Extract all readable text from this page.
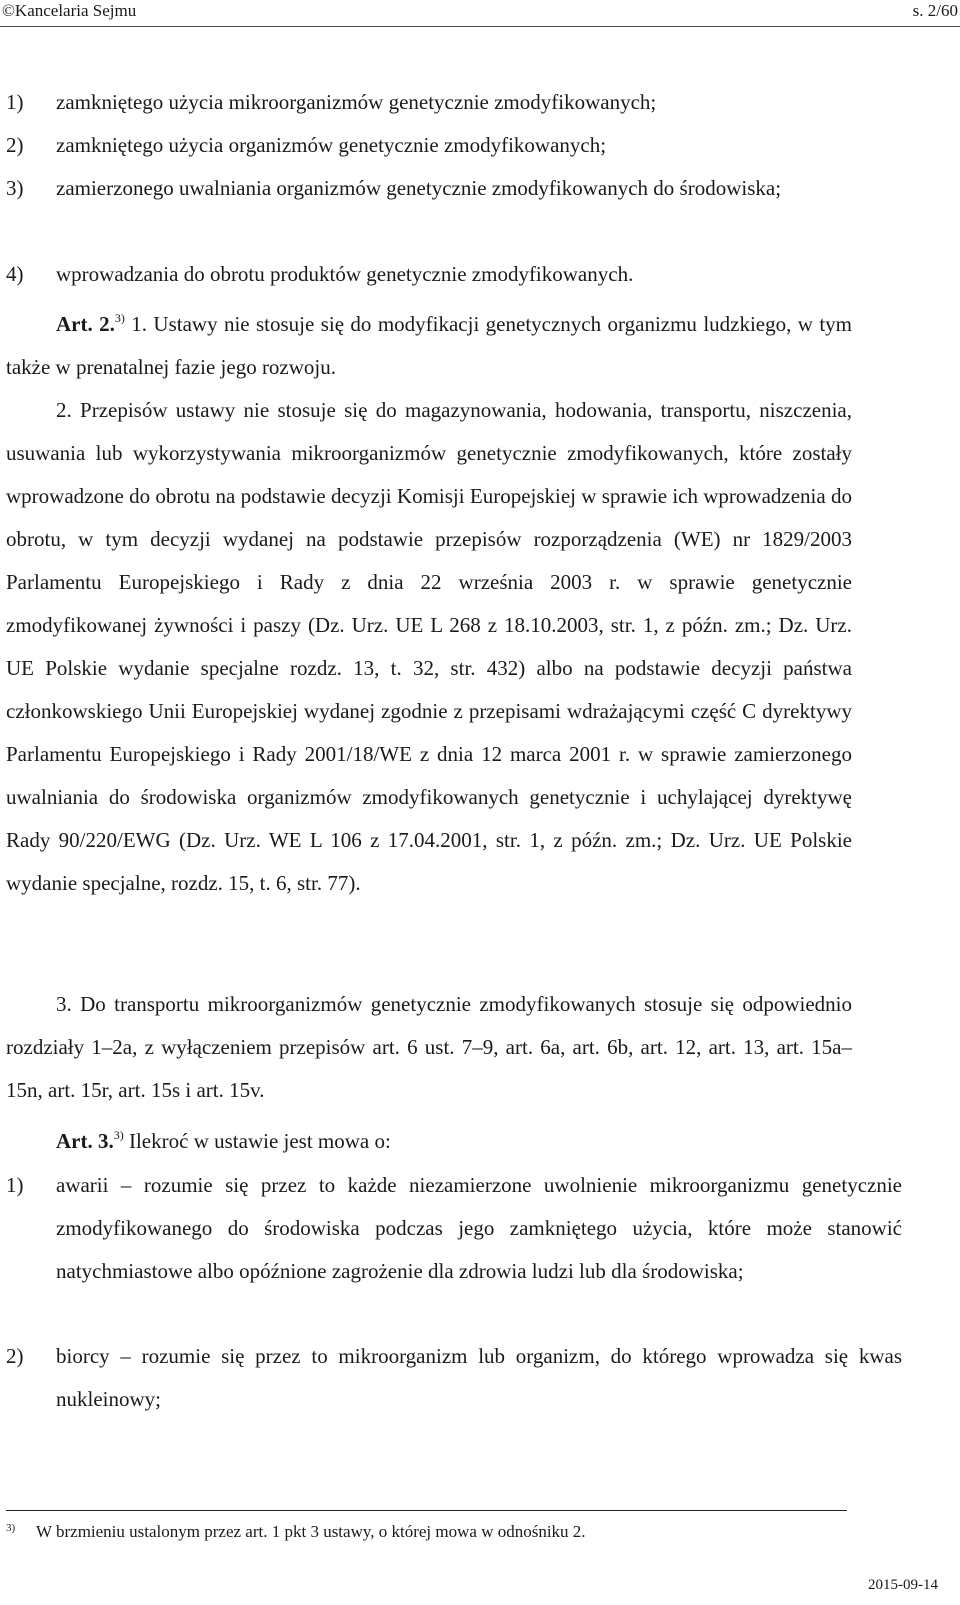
©Kancelaria Sejmu	s. 2/60
1) zamkniętego użycia mikroorganizmów genetycznie zmodyfikowanych;
2) zamkniętego użycia organizmów genetycznie zmodyfikowanych;
3) zamierzonego uwalniania organizmów genetycznie zmodyfikowanych do środowiska;
4) wprowadzania do obrotu produktów genetycznie zmodyfikowanych.
Art. 2.$^{3)}$ 1. Ustawy nie stosuje się do modyfikacji genetycznych organizmu ludzkiego, w tym także w prenatalnej fazie jego rozwoju.
2. Przepisów ustawy nie stosuje się do magazynowania, hodowania, transportu, niszczenia, usuwania lub wykorzystywania mikroorganizmów genetycznie zmodyfikowanych, które zostały wprowadzone do obrotu na podstawie decyzji Komisji Europejskiej w sprawie ich wprowadzenia do obrotu, w tym decyzji wydanej na podstawie przepisów rozporządzenia (WE) nr 1829/2003 Parlamentu Europejskiego i Rady z dnia 22 września 2003 r. w sprawie genetycznie zmodyfikowanej żywności i paszy (Dz. Urz. UE L 268 z 18.10.2003, str. 1, z późn. zm.; Dz. Urz. UE Polskie wydanie specjalne rozdz. 13, t. 32, str. 432) albo na podstawie decyzji państwa członkowskiego Unii Europejskiej wydanej zgodnie z przepisami wdrażającymi część C dyrektywy Parlamentu Europejskiego i Rady 2001/18/WE z dnia 12 marca 2001 r. w sprawie zamierzonego uwalniania do środowiska organizmów zmodyfikowanych genetycznie i uchylającej dyrektywę Rady 90/220/EWG (Dz. Urz. WE L 106 z 17.04.2001, str. 1, z późn. zm.; Dz. Urz. UE Polskie wydanie specjalne, rozdz. 15, t. 6, str. 77).
3. Do transportu mikroorganizmów genetycznie zmodyfikowanych stosuje się odpowiednio rozdziały 1–2a, z wyłączeniem przepisów art. 6 ust. 7–9, art. 6a, art. 6b, art. 12, art. 13, art. 15a–15n, art. 15r, art. 15s i art. 15v.
Art. 3.$^{3)}$ Ilekroć w ustawie jest mowa o:
1) awarii – rozumie się przez to każde niezamierzone uwolnienie mikroorganizmu genetycznie zmodyfikowanego do środowiska podczas jego zamkniętego użycia, które może stanowić natychmiastowe albo opóźnione zagrożenie dla zdrowia ludzi lub dla środowiska;
2) biorcy – rozumie się przez to mikroorganizm lub organizm, do którego wprowadza się kwas nukleinowy;
3) W brzmieniu ustalonym przez art. 1 pkt 3 ustawy, o której mowa w odnośniku 2.
2015-09-14
